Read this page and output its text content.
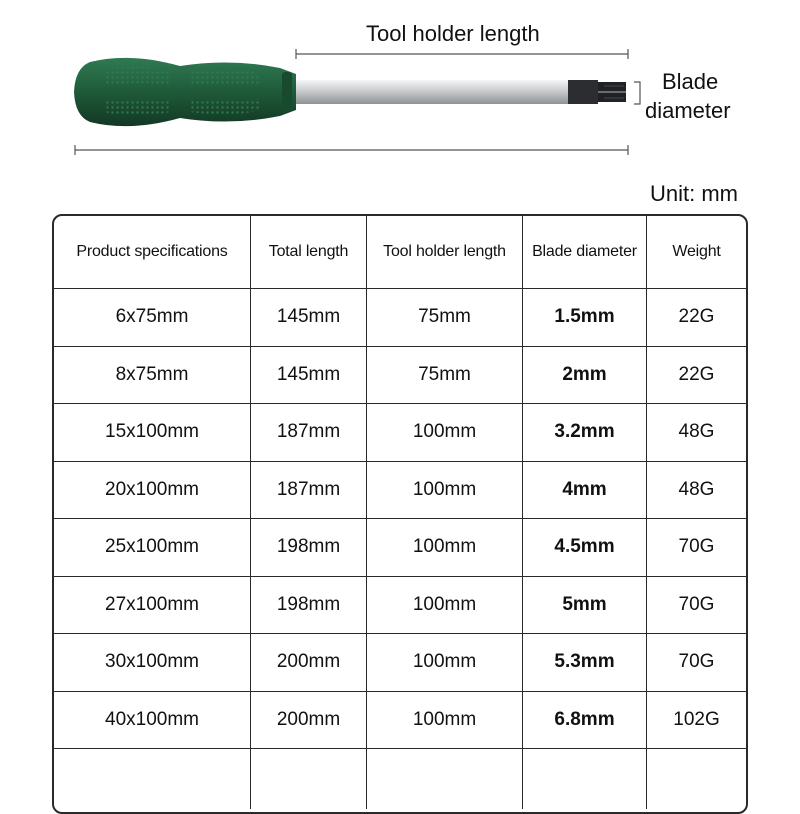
Tool holder length
Blade
diameter
Unit: mm
Product specifications	Total length	Tool holder length	Blade diameter	Weight
6x75mm	145mm	75mm	1.5mm	22G
8x75mm	145mm	75mm	2mm	22G
15x100mm	187mm	100mm	3.2mm	48G
20x100mm	187mm	100mm	4mm	48G
25x100mm	198mm	100mm	4.5mm	70G
27x100mm	198mm	100mm	5mm	70G
30x100mm	200mm	100mm	5.3mm	70G
40x100mm	200mm	100mm	6.8mm	102G
